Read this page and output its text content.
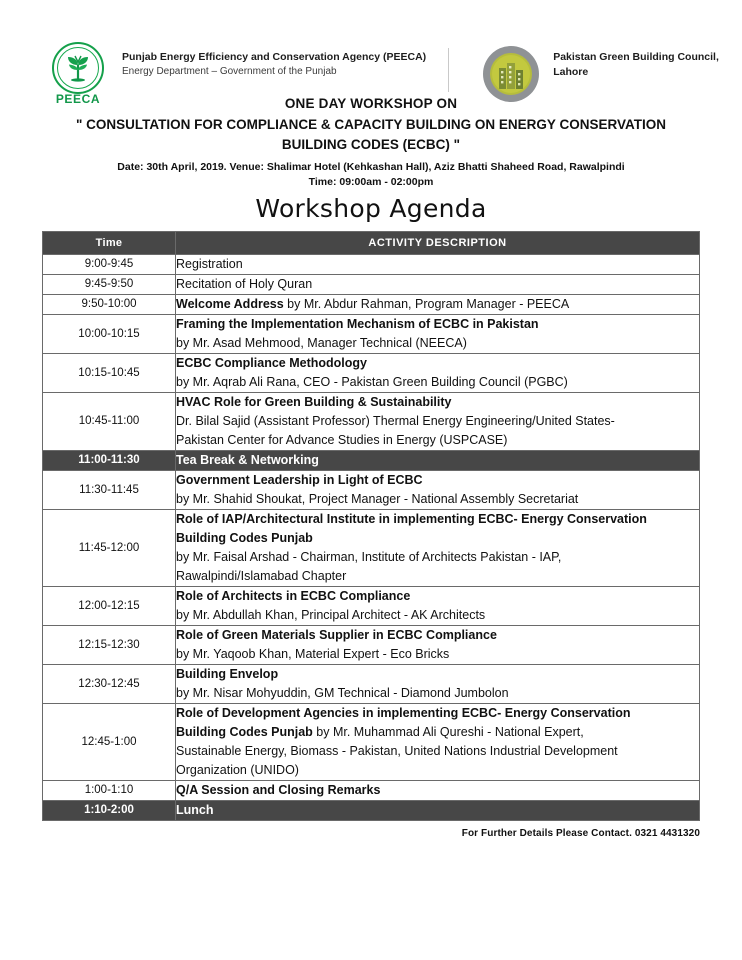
PEECA
Punjab Energy Efficiency and Conservation Agency (PEECA)
Energy Department – Government of the Punjab
Pakistan Green Building Council,
Lahore
ONE DAY WORKSHOP ON
" CONSULTATION FOR COMPLIANCE & CAPACITY BUILDING ON ENERGY CONSERVATION BUILDING CODES (ECBC) "
Date: 30th April, 2019. Venue: Shalimar Hotel (Kehkashan Hall), Aziz Bhatti Shaheed Road, Rawalpindi
Time: 09:00am - 02:00pm
Workshop Agenda
Time	ACTIVITY DESCRIPTION
9:00-9:45	Registration

9:45-9:50	Recitation of Holy Quran

9:50-10:00	Welcome Address by Mr. Abdur Rahman, Program Manager - PEECA

10:00-10:15	Framing the Implementation Mechanism of ECBC in Pakistan
by Mr. Asad Mehmood, Manager Technical (NEECA)

10:15-10:45	ECBC Compliance Methodology
by Mr. Aqrab Ali Rana, CEO - Pakistan Green Building Council (PGBC)

10:45-11:00	HVAC Role for Green Building & Sustainability
Dr. Bilal Sajid (Assistant Professor) Thermal Energy Engineering/United States-
Pakistan Center for Advance Studies in Energy (USPCASE)

11:00-11:30	Tea Break & Networking

11:30-11:45	Government Leadership in Light of ECBC
by Mr. Shahid Shoukat, Project Manager - National Assembly Secretariat

11:45-12:00	Role of IAP/Architectural Institute in implementing ECBC- Energy Conservation
Building Codes Punjab
by Mr. Faisal Arshad - Chairman, Institute of Architects Pakistan - IAP,
Rawalpindi/Islamabad Chapter

12:00-12:15	Role of Architects in ECBC Compliance
by Mr. Abdullah Khan, Principal Architect - AK Architects

12:15-12:30	Role of Green Materials Supplier in ECBC Compliance
by Mr. Yaqoob Khan, Material Expert - Eco Bricks

12:30-12:45	Building Envelop
by Mr. Nisar Mohyuddin, GM Technical - Diamond Jumbolon

12:45-1:00	Role of Development Agencies in implementing ECBC- Energy Conservation
Building Codes Punjab by Mr. Muhammad Ali Qureshi - National Expert,
Sustainable Energy, Biomass - Pakistan, United Nations Industrial Development
Organization (UNIDO)

1:00-1:10	Q/A Session and Closing Remarks

1:10-2:00	Lunch
For Further Details Please Contact. 0321 4431320
